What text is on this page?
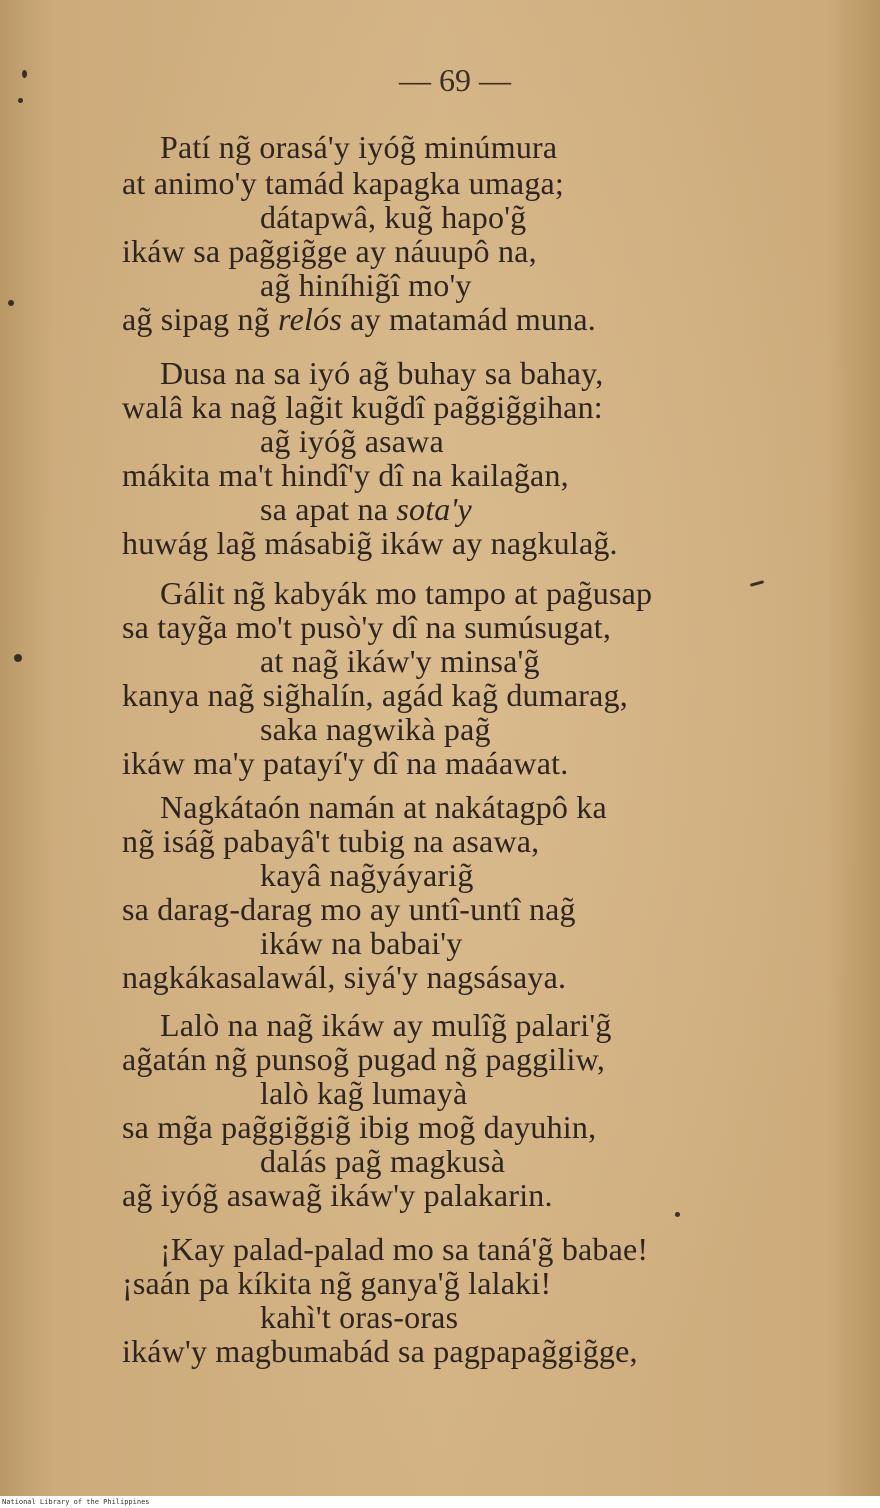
— 69 —
Patí ng̃ orasá'y iyóg̃ minúmura
at animo'y tamád kapagka umaga;
dátapwâ, kug̃ hapo'g̃
ikáw sa pag̃gig̃ge ay náuupô na,
ag̃ hiníhig̃î mo'y
ag̃ sipag ng̃ relós ay matamád muna.
Dusa na sa iyó ag̃ buhay sa bahay,
walâ ka nag̃ lag̃it kug̃dî pag̃gig̃gihan:
ag̃ iyóg̃ asawa
mákita ma't hindî'y dî na kailag̃an,
sa apat na sota'y
huwág lag̃ másabig̃ ikáw ay nagkulag̃.
Gálit ng̃ kabyák mo tampo at pag̃usap
sa tayg̃a mo't pusò'y dî na sumúsugat,
at nag̃ ikáw'y minsa'g̃
kanya nag̃ sig̃halín, agád kag̃ dumarag,
saka nagwikà pag̃
ikáw ma'y patayí'y dî na maáawat.
Nagkátaón namán at nakátagpô ka
ng̃ iság̃ pabayâ't tubig na asawa,
kayâ nag̃yáyarig̃
sa darag-darag mo ay untî-untî nag̃
ikáw na babai'y
nagkákasalawál, siyá'y nagsásaya.
Lalò na nag̃ ikáw ay mulîg̃ palari'g̃
ag̃atán ng̃ punsog̃ pugad ng̃ paggiliw,
lalò kag̃ lumayà
sa mg̃a pag̃gig̃gig̃ ibig mog̃ dayuhin,
dalás pag̃ magkusà
ag̃ iyóg̃ asawag̃ ikáw'y palakarin.
¡Kay palad-palad mo sa taná'g̃ babae!
¡saán pa kíkita ng̃ ganya'g̃ lalaki!
kahì't oras-oras
ikáw'y magbumabád sa pagpapag̃gig̃ge,
National Library of the Philippines
